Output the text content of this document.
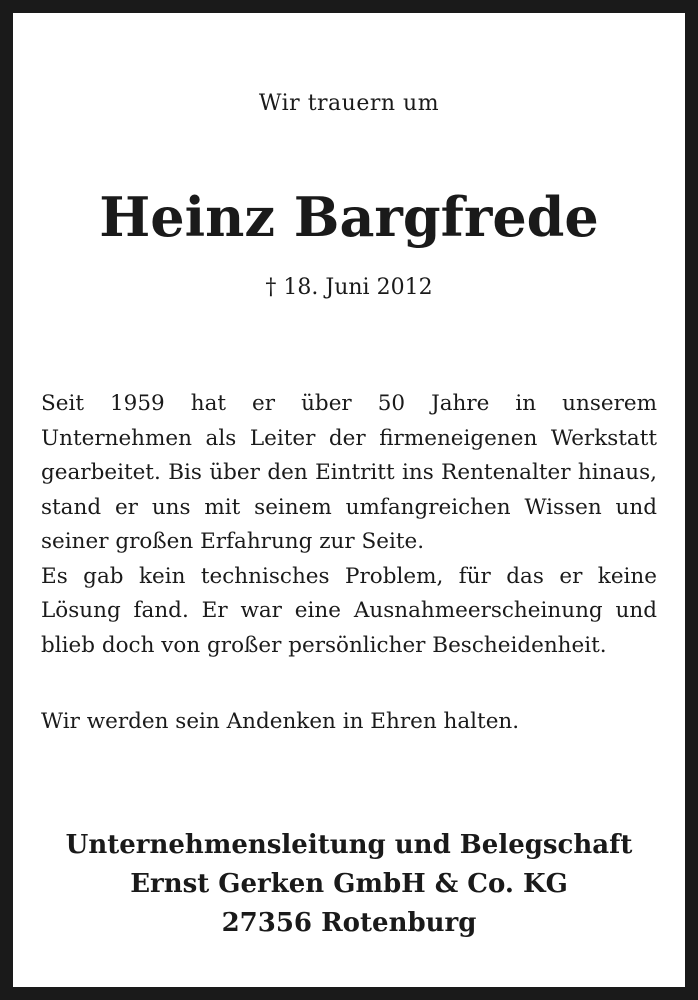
Wir trauern um
Heinz Bargfrede
† 18. Juni 2012

Seit 1959 hat er über 50 Jahre in unserem Unternehmen als Leiter der firmeneigenen Werkstatt gearbeitet. Bis über den Eintritt ins Rentenalter hinaus, stand er uns mit seinem umfangreichen Wissen und seiner großen Erfahrung zur Seite.

Es gab kein technisches Problem, für das er keine Lösung fand. Er war eine Ausnahmeerscheinung und blieb doch von großer persönlicher Bescheidenheit.

Wir werden sein Andenken in Ehren halten.
Unternehmensleitung und Belegschaft
Ernst Gerken GmbH & Co. KG
27356 Rotenburg
